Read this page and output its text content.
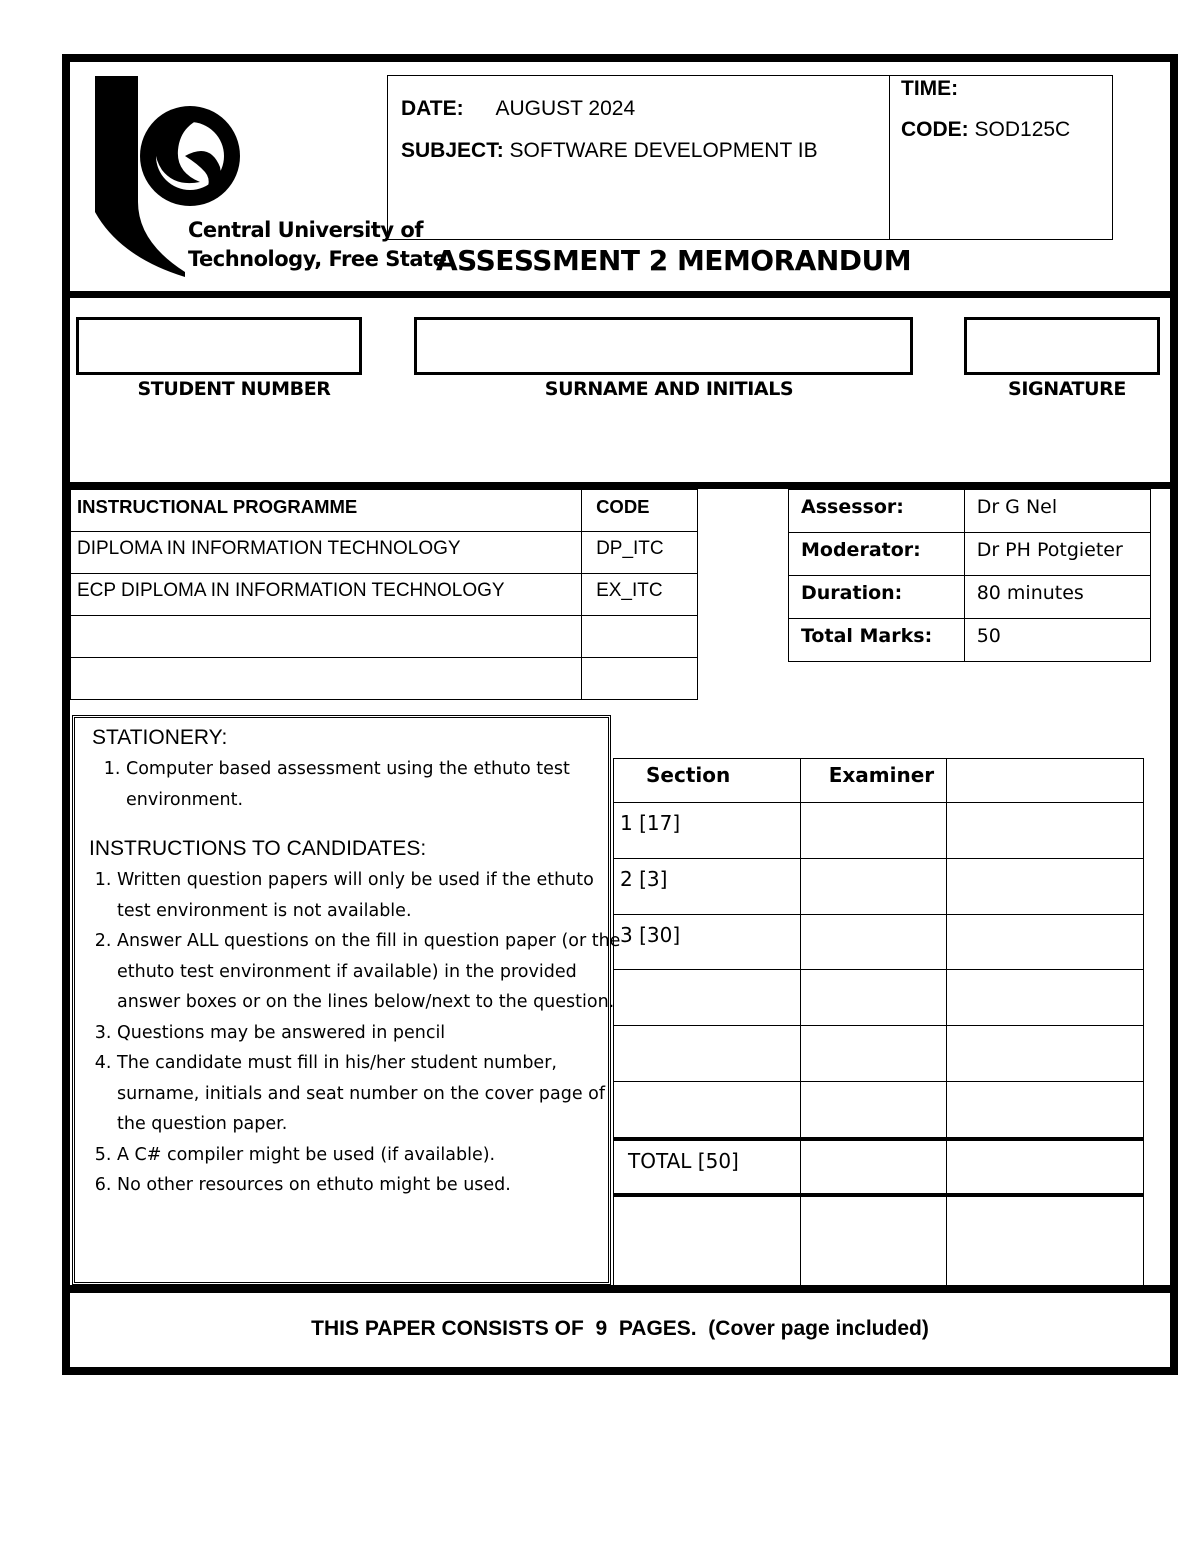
Central University of
Technology, Free State
DATE: AUGUST 2024
SUBJECT: SOFTWARE DEVELOPMENT IB
TIME:
CODE: SOD125C
ASSESSMENT 2 MEMORANDUM
STUDENT NUMBER	SURNAME AND INITIALS	SIGNATURE
INSTRUCTIONAL PROGRAMME	CODE
DIPLOMA IN INFORMATION TECHNOLOGY	DP_ITC
ECP DIPLOMA IN INFORMATION TECHNOLOGY	EX_ITC

Assessor:	Dr G Nel
Moderator:	Dr PH Potgieter
Duration:	80 minutes
Total Marks:	50
STATIONERY:
1. Computer based assessment using the ethuto test environment.
INSTRUCTIONS TO CANDIDATES:
1. Written question papers will only be used if the ethuto test environment is not available.
2. Answer ALL questions on the fill in question paper (or the ethuto test environment if available) in the provided answer boxes or on the lines below/next to the question.
3. Questions may be answered in pencil
4. The candidate must fill in his/her student number, surname, initials and seat number on the cover page of the question paper.
5. A C# compiler might be used (if available).
6. No other resources on ethuto might be used.
Section	Examiner	
1 [17]		
2 [3]		
3 [30]		

TOTAL [50]		

THIS PAPER CONSISTS OF  9  PAGES.  (Cover page included)
